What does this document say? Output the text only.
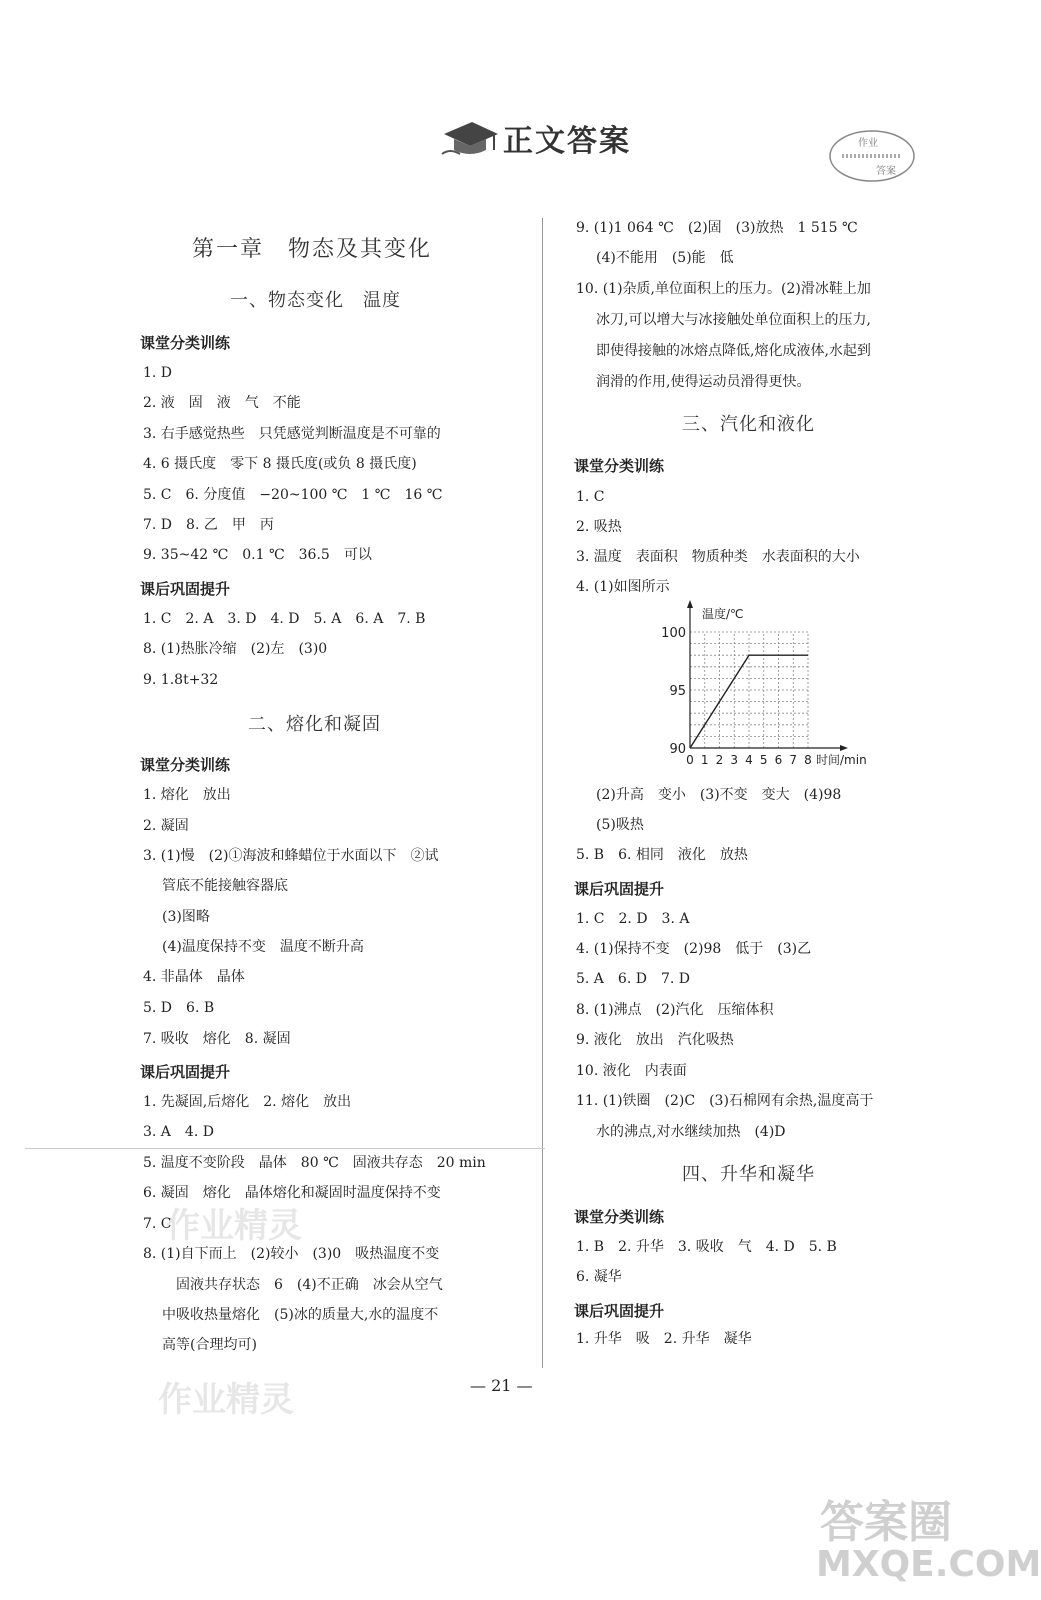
正文答案	作业
答案
第一章　物态及其变化
一、物态变化　温度
课堂分类训练
1. D
2. 液　固　液　气　不能
3. 右手感觉热些　只凭感觉判断温度是不可靠的
4. 6 摄氏度　零下 8 摄氏度(或负 8 摄氏度)
5. C　6. 分度值　−20~100 ℃　1 ℃　16 ℃
7. D　8. 乙　甲　丙
9. 35~42 ℃　0.1 ℃　36.5　可以
课后巩固提升
1. C　2. A　3. D　4. D　5. A　6. A　7. B
8. (1)热胀冷缩　(2)左　(3)0
9. 1.8t+32
二、熔化和凝固
课堂分类训练
1. 熔化　放出
2. 凝固
3. (1)慢　(2)①海波和蜂蜡位于水面以下　②试
管底不能接触容器底
(3)图略
(4)温度保持不变　温度不断升高
4. 非晶体　晶体
5. D　6. B
7. 吸收　熔化　8. 凝固
课后巩固提升
1. 先凝固,后熔化　2. 熔化　放出
3. A　4. D
5. 温度不变阶段　晶体　80 ℃　固液共存态　20 min
6. 凝固　熔化　晶体熔化和凝固时温度保持不变
7. C
8. (1)自下而上　(2)较小　(3)0　吸热温度不变
固液共存状态　6　(4)不正确　冰会从空气
中吸收热量熔化　(5)冰的质量大,水的温度不
高等(合理均可)
9. (1)1 064 ℃　(2)固　(3)放热　1 515 ℃
(4)不能用　(5)能　低
10. (1)杂质,单位面积上的压力。(2)滑冰鞋上加
冰刀,可以增大与冰接触处单位面积上的压力,
即使得接触的冰熔点降低,熔化成液体,水起到
润滑的作用,使得运动员滑得更快。
三、汽化和液化
课堂分类训练
1. C
2. 吸热
3. 温度　表面积　物质种类　水表面积的大小
4. (1)如图所示
100
95
90
0 1 2 3 4 5 6 7 8
温度/℃
时间/min
(2)升高　变小　(3)不变　变大　(4)98
(5)吸热
5. B　6. 相同　液化　放热
课后巩固提升
1. C　2. D　3. A
4. (1)保持不变　(2)98　低于　(3)乙
5. A　6. D　7. D
8. (1)沸点　(2)汽化　压缩体积
9. 液化　放出　汽化吸热
10. 液化　内表面
11. (1)铁圈　(2)C　(3)石棉网有余热,温度高于
水的沸点,对水继续加热　(4)D
四、升华和凝华
课堂分类训练
1. B　2. 升华　3. 吸收　气　4. D　5. B
6. 凝华
课后巩固提升
1. 升华　吸　2. 升华　凝华
— 21 —
作业精灵
作业精灵
答案圈
MXQE.COM
